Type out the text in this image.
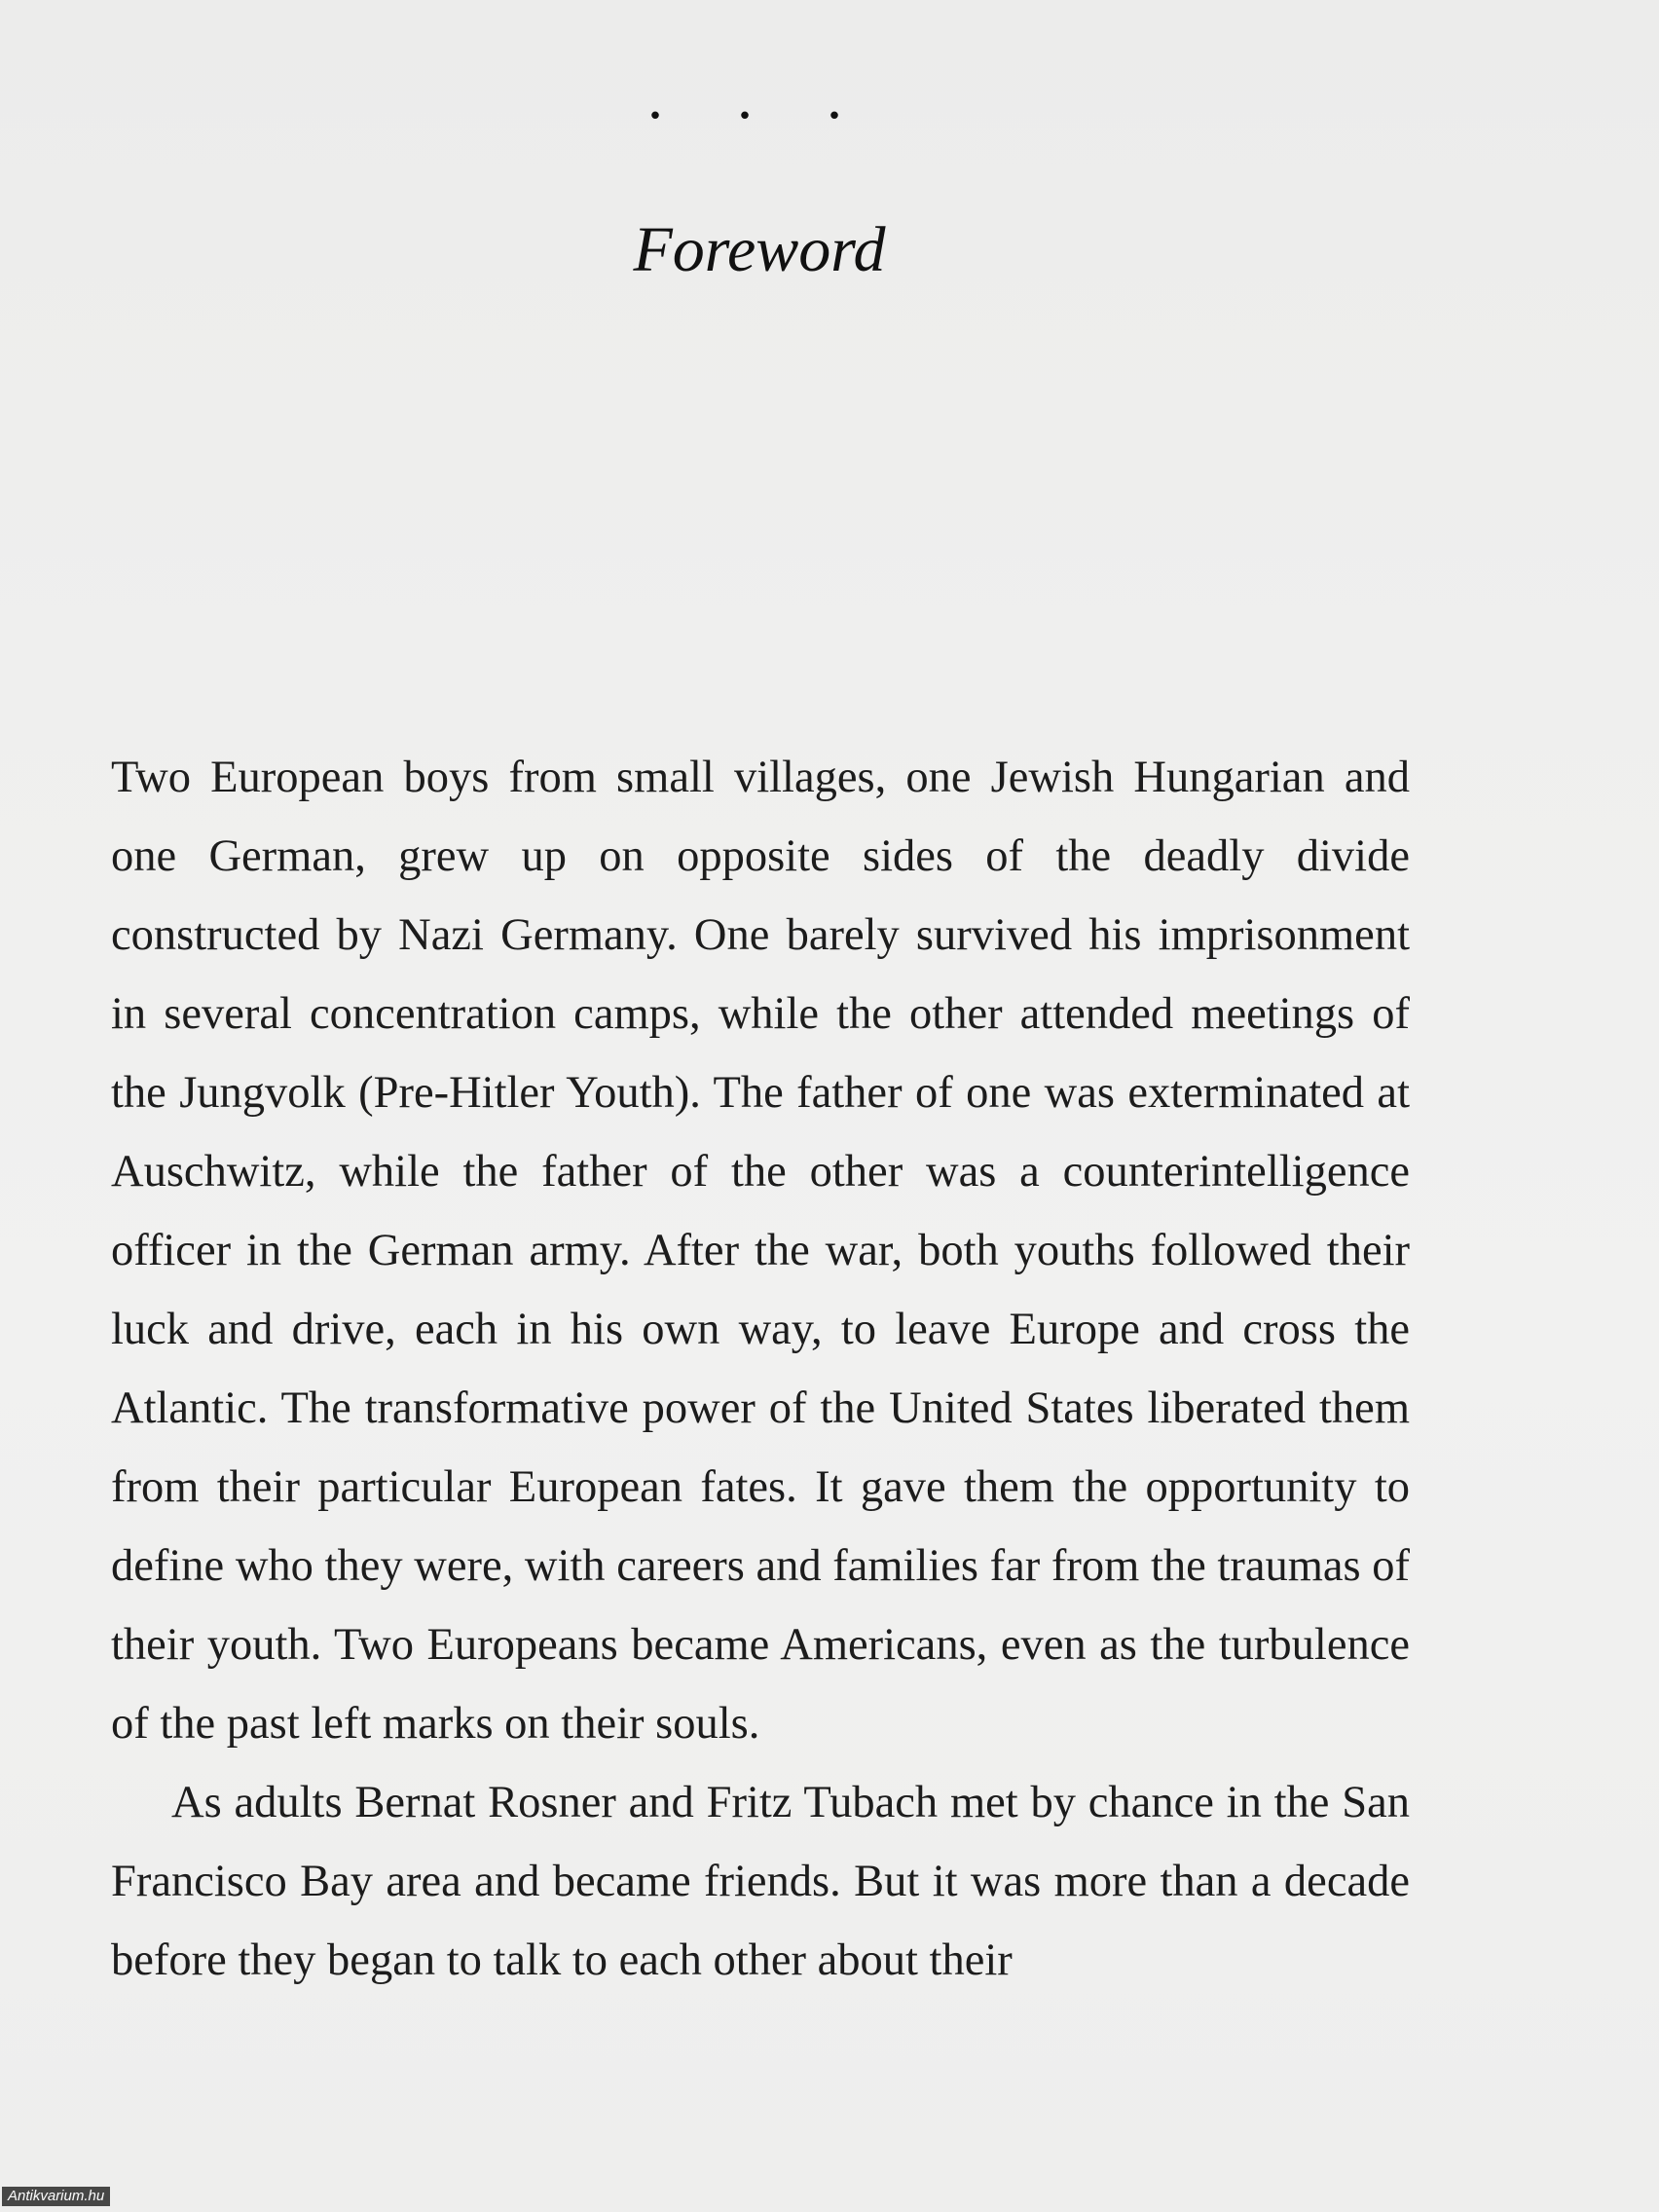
. . .
Foreword

Two European boys from small villages, one Jewish Hungarian and one German, grew up on opposite sides of the deadly divide constructed by Nazi Germany. One barely survived his imprisonment in several concentration camps, while the other attended meetings of the Jungvolk (Pre-Hitler Youth). The father of one was exterminated at Auschwitz, while the father of the other was a counterintelligence officer in the German army. After the war, both youths followed their luck and drive, each in his own way, to leave Europe and cross the Atlantic. The transformative power of the United States liberated them from their particular European fates. It gave them the opportunity to define who they were, with careers and families far from the traumas of their youth. Two Europeans became Americans, even as the turbulence of the past left marks on their souls.

As adults Bernat Rosner and Fritz Tubach met by chance in the San Francisco Bay area and became friends. But it was more than a decade before they began to talk to each other about their

Antikvarium.hu
